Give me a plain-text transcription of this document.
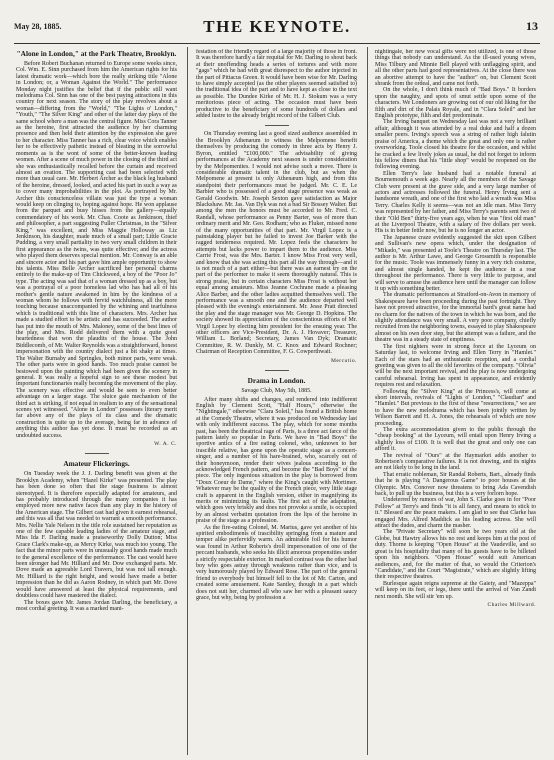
May 28, 1885.	THE KEYNOTE.	13
"Alone in London," at the Park Theatre, Brooklyn.

Before Robert Buchanan returned to Europe some weeks since, Col. Wm. E. Sinn purchased from him the American rights for his latest dramatic work—which bore the really striking title "Alone in London; or, a Woman Against the World." The performance Monday night justifies the belief that if the public still want melodrama Col. Sinn has one of the best paying attractions in this country for next season. The story of the play revolves about a woman—differing from the "World," "The Lights o' London," "Youth," "The Silver King" and other of the latter day plays of the same school where a man was the central figure. Miss Cora Tanner as the heroine, first attracted the audience by her charming presence and then held their attention by the expression she gave to her character. Miss Tanner has a rich, clear voice which enables her to be effectively pathetic instead of bleating in the sorrowful moments as is the wont of some of the better-known leading women. After a scene of much power in the closing of the third act she was enthusiastically recalled before the curtain and received almost an ovation. The supporting cast had been selected with more than usual care. Mr. Herbert Archer as the black leg husband of the heroine, dressed, looked, and acted his part in such a way as to cover many improbabilities in the plot. As portrayed by Mr. Archer this conscienceless villain was just the type a woman would keep on clinging to, hoping against hope. He won applause from the parquet and busy hisses from the gallery—equally commendatory of his work. Mr. Chas. Coote as Jenkinson, thief and philosopher, a part suggesting Fuller Christmas, in the "Silver King," was excellent, and Miss Maggie Holloway as Liz Jenkinson, his daughter, made much of a small part; Little Gracie Pudding, a very small partiality in two very small children in their first appearance as the twins, was quite effective; and the actress who played them deserves special mention. Mr. Conway is an able and sincere actor and his part gave him ample opportunity to show his talents. Miss Belle Archer sacrificed her personal charms entirely to the make-up of Tim Chickweed, a boy of the "Poor Jo" type. The acting was sad that of a woman dressed up as a boy, but was a portrayal of a poor homeless lad who has had all of his mother's gentle nature awakened in him by the kindness of a woman whom he follows with fervid watchfulness, all the more touching because unaccompanied by the whining and tearfulness which is traditional with this line of characters. Mrs. Archer has made a studied effort to be artistic and has succeeded. The author has put into the mouth of Mrs. Maloney, some of the best lines of the play, and Mrs. Rodd delivered them with a quite good heartedness that won the plaudits of the house. The John Biddlecomb, of Mr. Walter Reynolds was a straightforward, honest impersonation with the country dialect just a bit shaky at times. The Walter Burnaby and Springles, both minor parts, were weak. The other parts were in good hands. Too much praise cannot be bestowed upon the painting which had been given the scenery in general. It was really a hopeful sign to see these modest but important functionaries really becoming the movement of the play. The scenery was effective and would be seen to even better advantage on a larger stage. The sluice gate mechanism of the third act is striking, if not equal in realism to any of the sensational scenes yet witnessed. "Alone in London" possesses literary merit far above any of the plays of its class and the dramatic construction is quite up to the average, being far in advance of anything this author has yet done. It must be recorded as an undoubted success.

W. A. C.
Amateur Flickerings.

On Tuesday week the J. J. Darling benefit was given at the Brooklyn Academy, when "Hazel Kirke" was presented. The play has been done so often that the stage business is almost stereotyped. It is therefore especially adapted for amateurs, and has probably introduced through the many companies it has employed more new native faces than any play in the history of the American stage. The Gilbert cast had given it earnest rehearsal, and this was all that was needed to warrant a smooth performance. Mrs. Nellie Yale Nelson in the title role sustained her reputation as one of the few capable leading ladies of the amateur stage, and Miss Ida F. Darling made a praiseworthy Dolly Dutton; Miss Grace Clark's make-up, as Mercy Kirke, was much too young. The fact that the minor parts were in unusually good hands made much to the general excellence of the performance. The cast would have been stronger had Mr. Hilliard and Mr. Dow exchanged parts. Mr. Dove made an agreeable Lord Travers, but was not tall enough. Mr. Hilliard is the right height, and would have made a better impression than he did as Aaron Rodney, in which part Mr. Dove would have answered at least the physical requirements, and doubtless could have mastered the dialect.

The boxes gave Mr. James Jordan Darling, the beneficiary, a most cordial greeting. It was a marked mani-

festation of the friendly regard of a large majority of those in front. It was therefore hardly a fair requital for Mr. Darling to shout back at their unoffending heads a series of tortures and with more "gags" which he had with great disrespect to the author injected in the part of Pittacus Green. It would have been wise for Mr. Darling to have simply accepted (as the other players seemed satisfied to) the traditional idea of the part and to have kept as close to the text as possible. The Dundee Kirke of Mr. H. J. Stokum was a very meritorious piece of acting. The occasion must have been productive to the beneficiary of some hundreds of dollars and added lustre to the already bright record of the Gilbert Club.

On Thursday evening last a good sized audience assembled in the Brooklyn Athenæum to witness the Melpomene benefit themselves by producing the comedy in three acts by Henry J. Byron, entitled "£100,000." The advisability of giving performances at the Academy next season is under consideration by the Melpomenites. I would not advise such a move. There is considerable dramatic talent in the club, but as when the Melpomene at present is only Athenæum high, and from this standpoint their performances must be judged. Mr. C. E. Le Barbier who is possessed of a good stage presence was weak as Gerald Goodwin. Mr. Joseph Sexton gave satisfaction as Major Blackshaw. Mr. Jas. Van Dyk was not a bad Sir Bossey Walter. But among the men the honors must be accorded to Mr. Fred. C. Randall, whose performance as Penny Barter, was of more than ordinary merit and Mr. Geo. Rodham; who as Fluker, missed none of the many opportunities of that part. Mr. Virgil Lopez is a painstaking player but he failed to invest Joe Barker with the ragged tenderness required. Mr. Lopez feels the characters he attempts but lacks power to impart them to the audience. Miss Carrie Frost, was the Mrs. Barter. I know Miss Frost very well, and know that she was acting this part all the way through—and it is not much of a part either—but there was an earnest try on the part of the performer to make it seem thoroughly natural. This is strong praise, but in certain characters Miss Frost is without her equal among amateurs. Miss Jeanne Cochrane made a pleasing Alice Barber, and the other ladies acquitted themselves well. The performance was a smooth one and the audience departed well pleased with the evening's entertainment. Mr. Jesse Pratt directed the play and the stage manager was Mr. George D. Hopkins. The society showed its appreciation of the conscientious efforts of Mr. Virgil Lopez by electing him president for the ensuing year. The other officers are Vice-President, Dr. A. J. Hovaver; Treasurer, William L. Borland; Secretary, James Van Dyk; Dramatic Committee, R. W. Dunkly, M. C. Knox and Edward Rochner; Chairman of Reception Committee, F. G. Cowperthwait.

Mercutio.
Drama in London.
Savage Club, May 5th, 1885.

After many shifts and changes, and rendered into indifferent English by Clement Scott, "Half Hours," otherwise the "Nightingale," otherwise "Clara Soleil," has found a British home at the Comedy Theatre, where it was produced on Wednesday last with only indifferent success. The play, which for some months past, has been the theatrical rage of Paris, is a three act farce of the pattern lately so popular in Paris. We have in "Bad Boys" the sportive antics of a fire eating colonel, who, unknown to her irascible relative, has gone upon the operatic stage as a concert-singer, and a number of his hare-brained, who, scarcely out of their honeymoon, render their wives jealous according to the acknowledged French pattern, and become the "Bad Boys" of the piece. The only ingenious situation in the play is borrowed from "Doux Coeur de Dame," where the King's caught with Mortimer. Whatever may be the quality of the French piece, very little stage craft is apparent in the English version, either in magnifying its merits or minimizing its faults. The first act of the adaptation, which goes very briskly and does not provoke a smile, is occupied by an almost verbatim quotation from the lips of the heroine in praise of the stage as a profession.

As the fire-eating Colonel, M. Marius, gave yet another of his spirited embodiments of irascibility springing from a mature and temper alike perfervidly warm. An admirable foil for his humor was found in Arthur Roberts's droll impersonation of one of the peccant husbands, who seeks his illicit amorous propensities under a strictly respectable exterior. In marked contrast was the other bad boy who goes astray through weakness rather than vice, and is very humorously played by Edward Rose. The part of the general friend to everybody but himself fell to the lot of Mr. Carton, and created some amusement. Kate Santley, though in a part which does not suit her, charmed all who saw her with a pleasant saucy grace, but why, being by profession a

nightingale, her new vocal gifts were not utilized, is one of those things that nobody can understand. As the ill-used young wives, Miss Tilbury and Minnie Bell played with unflagging spirit, and all the other parts had good representatives. At the close there was an abortive attempt to have the "author" on, but Clement Scott shrank from the ordeal, and came not forth.

On the whole, I don't think much of "Bad Boys." It borders upon the naughty, and spots of smut settle upon some of the characters. We Londoners are growing out of our old liking for the filth and dirt of the Palais Royale, and in "Clara Soleil" and her English prototype, filth and dirt predominate.

The Irving banquet on Wednesday last was not a very brilliant affair, although it was attended by a real duke and half a dozen smaller peers. Irving's speech was a string of rather high falutin praise of America, a theme which the great and only one is rather overworking. Toole closed his theatre for the occasion, and whilst he cracked a few lively jokes as usual, he did not forget to inform his fellow diners that his "little shop" would be reopened on the following evening.

Ellen Terry's late husband had a notable funeral at Bournemouth a week ago. Nearly all the members of the Savage Club were present at the grave side, and a very large number of actors and actresses followed the funeral. Henry Irving sent a handsome wreath, and one of the first who laid a wreath was Miss Terry. Charles Kelly it seems—was not an idle man. Miss Terry was represented by her father, and Miss Terry's parents sent two of their "Old Ben" thirty-five years ago, when he was "first old man" at the Liverpool Theatre, with a salary of five dollars per week. His is in better fettle now, but he is no longer an actor.

The Japanese craze evidently suggested the skit upon Gilbert and Sullivan's new opera which, under the designation of "Mikado," was presented at Toole's Theatre on Thursday last. The author is Mr. Arthur Lawe, and George Grossmith is responsible for the music. Toole was immensely funny in a very rich costume, and almost single handed, he kept the audience in a roar throughout the performance. There is very little to purpose, and will serve to amuse the audience here until the manager can follow it up with something better.

The dramatic performances at Stratford-on-Avon in memory of Shakespeare have been proceeding during the past fortnight. They have not proved attractive, for the immortal bard's great name had no charm for the natives of the town in which he was born, and the slightly attendance was very small. A very poor company, chiefly recruited from the neighboring towns, essayed to play Shakespeare almost on his own door step, but the attempt was a failure, and the theatre was in a steady state of emptiness.

The first nighters were in strong force at the Lyceum on Saturday last, to welcome Irving and Ellen Terry in "Hamlet." Each of the stars had an enthusiastic reception, and a cordial greeting was given to all the old favorites of the company. "Olivia" will be the next important revival, and the play is now undergoing careful rehearsal. Irving has spent in appearance, and evidently requires rest and relaxation.

Following the "Silver King" at the Princess's, will come at short intervals, revivals of "Lights o' London," "Claudian" and "Hamlet." But previous to the first of these "resurrections," we are to have the new melodrama which has been jointly written by Wilson Barrett and H. A. Jones, the rehearsals of which are now proceeding.

The extra accommodation given to the public through the "cheap booking" at the Lyceum, will entail upon Henry Irving a slightly loss of £100. It is well that the great and only one can afford it.

The revival of "Ours" at the Haymarket adds another to Robertson's comparative failures. It is not drawing, and its nights are not likely to be long in the land.

That erratic nobleman, Sir Randal Roberts, Bart., already finds that he is playing "A Dangerous Game" to poor houses at the Olympic. Mrs. Conover now threatens to bring Ada Cavendish back, to pull up the business, but this is a very forlorn hope.

Undeterred by rumors of war, John S. Clarke goes in for "Poor Fellow" at Terry's and finds "it is all fancy, and means to stick to it." Blessed are the peace makers. I am glad to see that Clarke has engaged Mrs. Alfred Maddick as his leading actress. She will attract the dudes, and charm the masher.

The "Private Secretary" will soon be two years old at the Globe, but Hawtry allows his no rest and keeps him at the post of duty. Thorne is keeping "Open House" at the Vaudeville, and so great is his hospitality that many of his guests have to be billeted upon his neighbors. "Open House" would suit American audiences, and, for the matter of that, so would the Criterion's "Candidate," and the Court "Magistrate," which are slightly lifting their respective theatres.

Burlesque again reigns supreme at the Gaiety, and "Mazeppa" will keep on its feet, or legs, there until the arrival of Van Zandt next month. She will stir 'em up.

Charles Millward.
